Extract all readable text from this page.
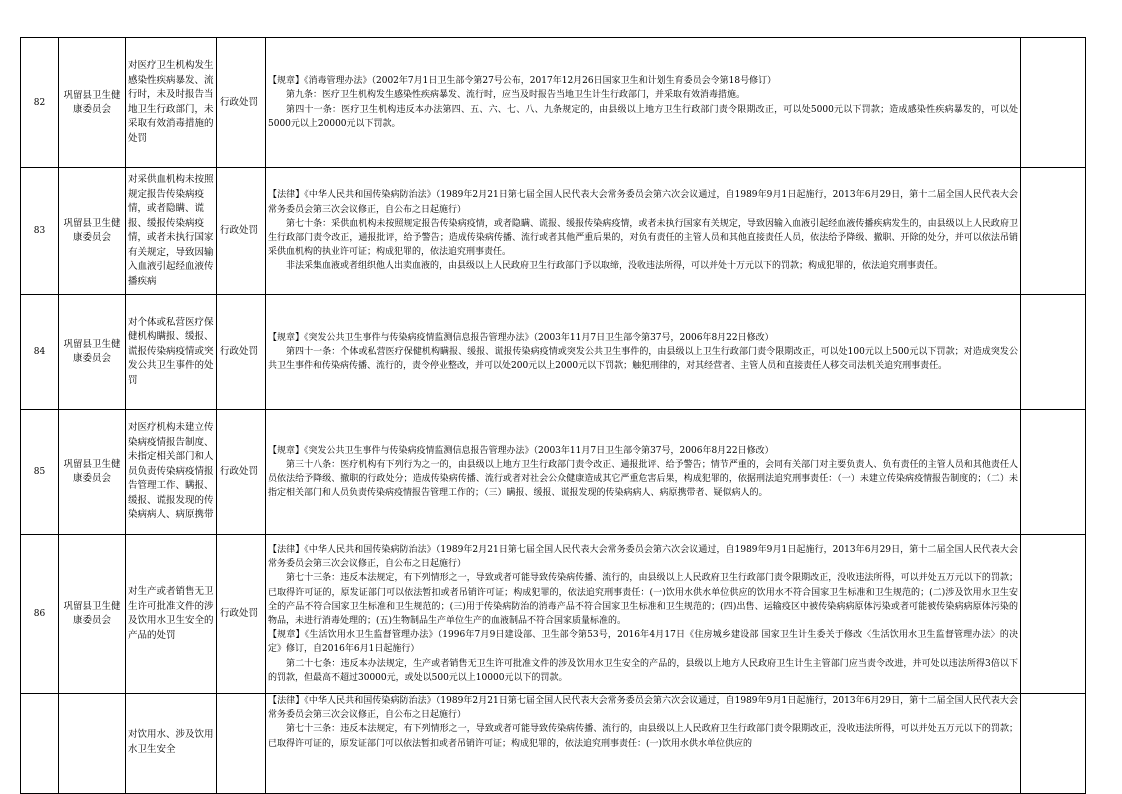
82	巩留县卫生健康委员会	对医疗卫生机构发生感染性疾病暴发、流行时，未及时报告当地卫生行政部门，未采取有效消毒措施的处罚	行政处罚	【规章】《消毒管理办法》（2002年7月1日卫生部令第27号公布，2017年12月26日国家卫生和计划生育委员会令第18号修订）

第九条：医疗卫生机构发生感染性疾病暴发、流行时，应当及时报告当地卫生计生行政部门，并采取有效消毒措施。

第四十一条：医疗卫生机构违反本办法第四、五、六、七、八、九条规定的，由县级以上地方卫生行政部门责令限期改正，可以处5000元以下罚款；造成感染性疾病暴发的，可以处5000元以上20000元以下罚款。	

83	巩留县卫生健康委员会	对采供血机构未按照规定报告传染病疫情，或者隐瞒、谎报、缓报传染病疫情，或者未执行国家有关规定，导致因输入血液引起经血液传播疾病	行政处罚	【法律】《中华人民共和国传染病防治法》（1989年2月21日第七届全国人民代表大会常务委员会第六次会议通过，自1989年9月1日起施行，2013年6月29日，第十二届全国人民代表大会常务委员会第三次会议修正，自公布之日起施行）

第七十条：采供血机构未按照规定报告传染病疫情，或者隐瞒、谎报、缓报传染病疫情，或者未执行国家有关规定，导致因输入血液引起经血液传播疾病发生的，由县级以上人民政府卫生行政部门责令改正，通报批评，给予警告；造成传染病传播、流行或者其他严重后果的，对负有责任的主管人员和其他直接责任人员，依法给予降级、撤职、开除的处分，并可以依法吊销采供血机构的执业许可证；构成犯罪的，依法追究刑事责任。

非法采集血液或者组织他人出卖血液的，由县级以上人民政府卫生行政部门予以取缔，没收违法所得，可以并处十万元以下的罚款；构成犯罪的，依法追究刑事责任。	

84	巩留县卫生健康委员会	对个体或私营医疗保健机构瞒报、缓报、谎报传染病疫情或突发公共卫生事件的处罚	行政处罚	【规章】《突发公共卫生事件与传染病疫情监测信息报告管理办法》（2003年11月7日卫生部令第37号，2006年8月22日修改）

第四十一条：个体或私营医疗保健机构瞒报、缓报、谎报传染病疫情或突发公共卫生事件的，由县级以上卫生行政部门责令限期改正，可以处100元以上500元以下罚款；对造成突发公共卫生事件和传染病传播、流行的，责令停业整改，并可以处200元以上2000元以下罚款；触犯刑律的，对其经营者、主管人员和直接责任人移交司法机关追究刑事责任。	

85	巩留县卫生健康委员会	对医疗机构未建立传染病疫情报告制度、未指定相关部门和人员负责传染病疫情报告管理工作、瞒报、缓报、谎报发现的传染病病人、病原携带	行政处罚	【规章】《突发公共卫生事件与传染病疫情监测信息报告管理办法》（2003年11月7日卫生部令第37号，2006年8月22日修改）

第三十八条：医疗机构有下列行为之一的，由县级以上地方卫生行政部门责令改正、通报批评、给予警告；情节严重的，会同有关部门对主要负责人、负有责任的主管人员和其他责任人员依法给予降级、撤职的行政处分；造成传染病传播、流行或者对社会公众健康造成其它严重危害后果，构成犯罪的，依据刑法追究刑事责任：（一）未建立传染病疫情报告制度的；（二）未指定相关部门和人员负责传染病疫情报告管理工作的；（三）瞒报、缓报、谎报发现的传染病病人、病原携带者、疑似病人的。	

86	巩留县卫生健康委员会	对生产或者销售无卫生许可批准文件的涉及饮用水卫生安全的产品的处罚	行政处罚	【法律】《中华人民共和国传染病防治法》（1989年2月21日第七届全国人民代表大会常务委员会第六次会议通过，自1989年9月1日起施行，2013年6月29日，第十二届全国人民代表大会常务委员会第三次会议修正，自公布之日起施行）

第七十三条：违反本法规定，有下列情形之一，导致或者可能导致传染病传播、流行的，由县级以上人民政府卫生行政部门责令限期改正，没收违法所得，可以并处五万元以下的罚款；已取得许可证的，原发证部门可以依法暂扣或者吊销许可证；构成犯罪的，依法追究刑事责任：(一)饮用水供水单位供应的饮用水不符合国家卫生标准和卫生规范的；(二)涉及饮用水卫生安全的产品不符合国家卫生标准和卫生规范的；(三)用于传染病防治的消毒产品不符合国家卫生标准和卫生规范的；(四)出售、运输疫区中被传染病病原体污染或者可能被传染病病原体污染的物品，未进行消毒处理的；(五)生物制品生产单位生产的血液制品不符合国家质量标准的。

【规章】《生活饮用水卫生监督管理办法》（1996年7月9日建设部、卫生部令第53号，2016年4月17日《住房城乡建设部 国家卫生计生委关于修改〈生活饮用水卫生监督管理办法〉的决定》修订，自2016年6月1日起施行）

第二十七条：违反本办法规定，生产或者销售无卫生许可批准文件的涉及饮用水卫生安全的产品的，县级以上地方人民政府卫生计生主管部门应当责令改进，并可处以违法所得3倍以下的罚款，但最高不超过30000元，或处以500元以上10000元以下的罚款。	

		对饮用水、涉及饮用水卫生安全		【法律】《中华人民共和国传染病防治法》（1989年2月21日第七届全国人民代表大会常务委员会第六次会议通过，自1989年9月1日起施行，2013年6月29日，第十二届全国人民代表大会常务委员会第三次会议修正，自公布之日起施行）

第七十三条：违反本法规定，有下列情形之一，导致或者可能导致传染病传播、流行的，由县级以上人民政府卫生行政部门责令限期改正，没收违法所得，可以并处五万元以下的罚款；已取得许可证的，原发证部门可以依法暂扣或者吊销许可证；构成犯罪的，依法追究刑事责任：(一)饮用水供水单位供应的	
